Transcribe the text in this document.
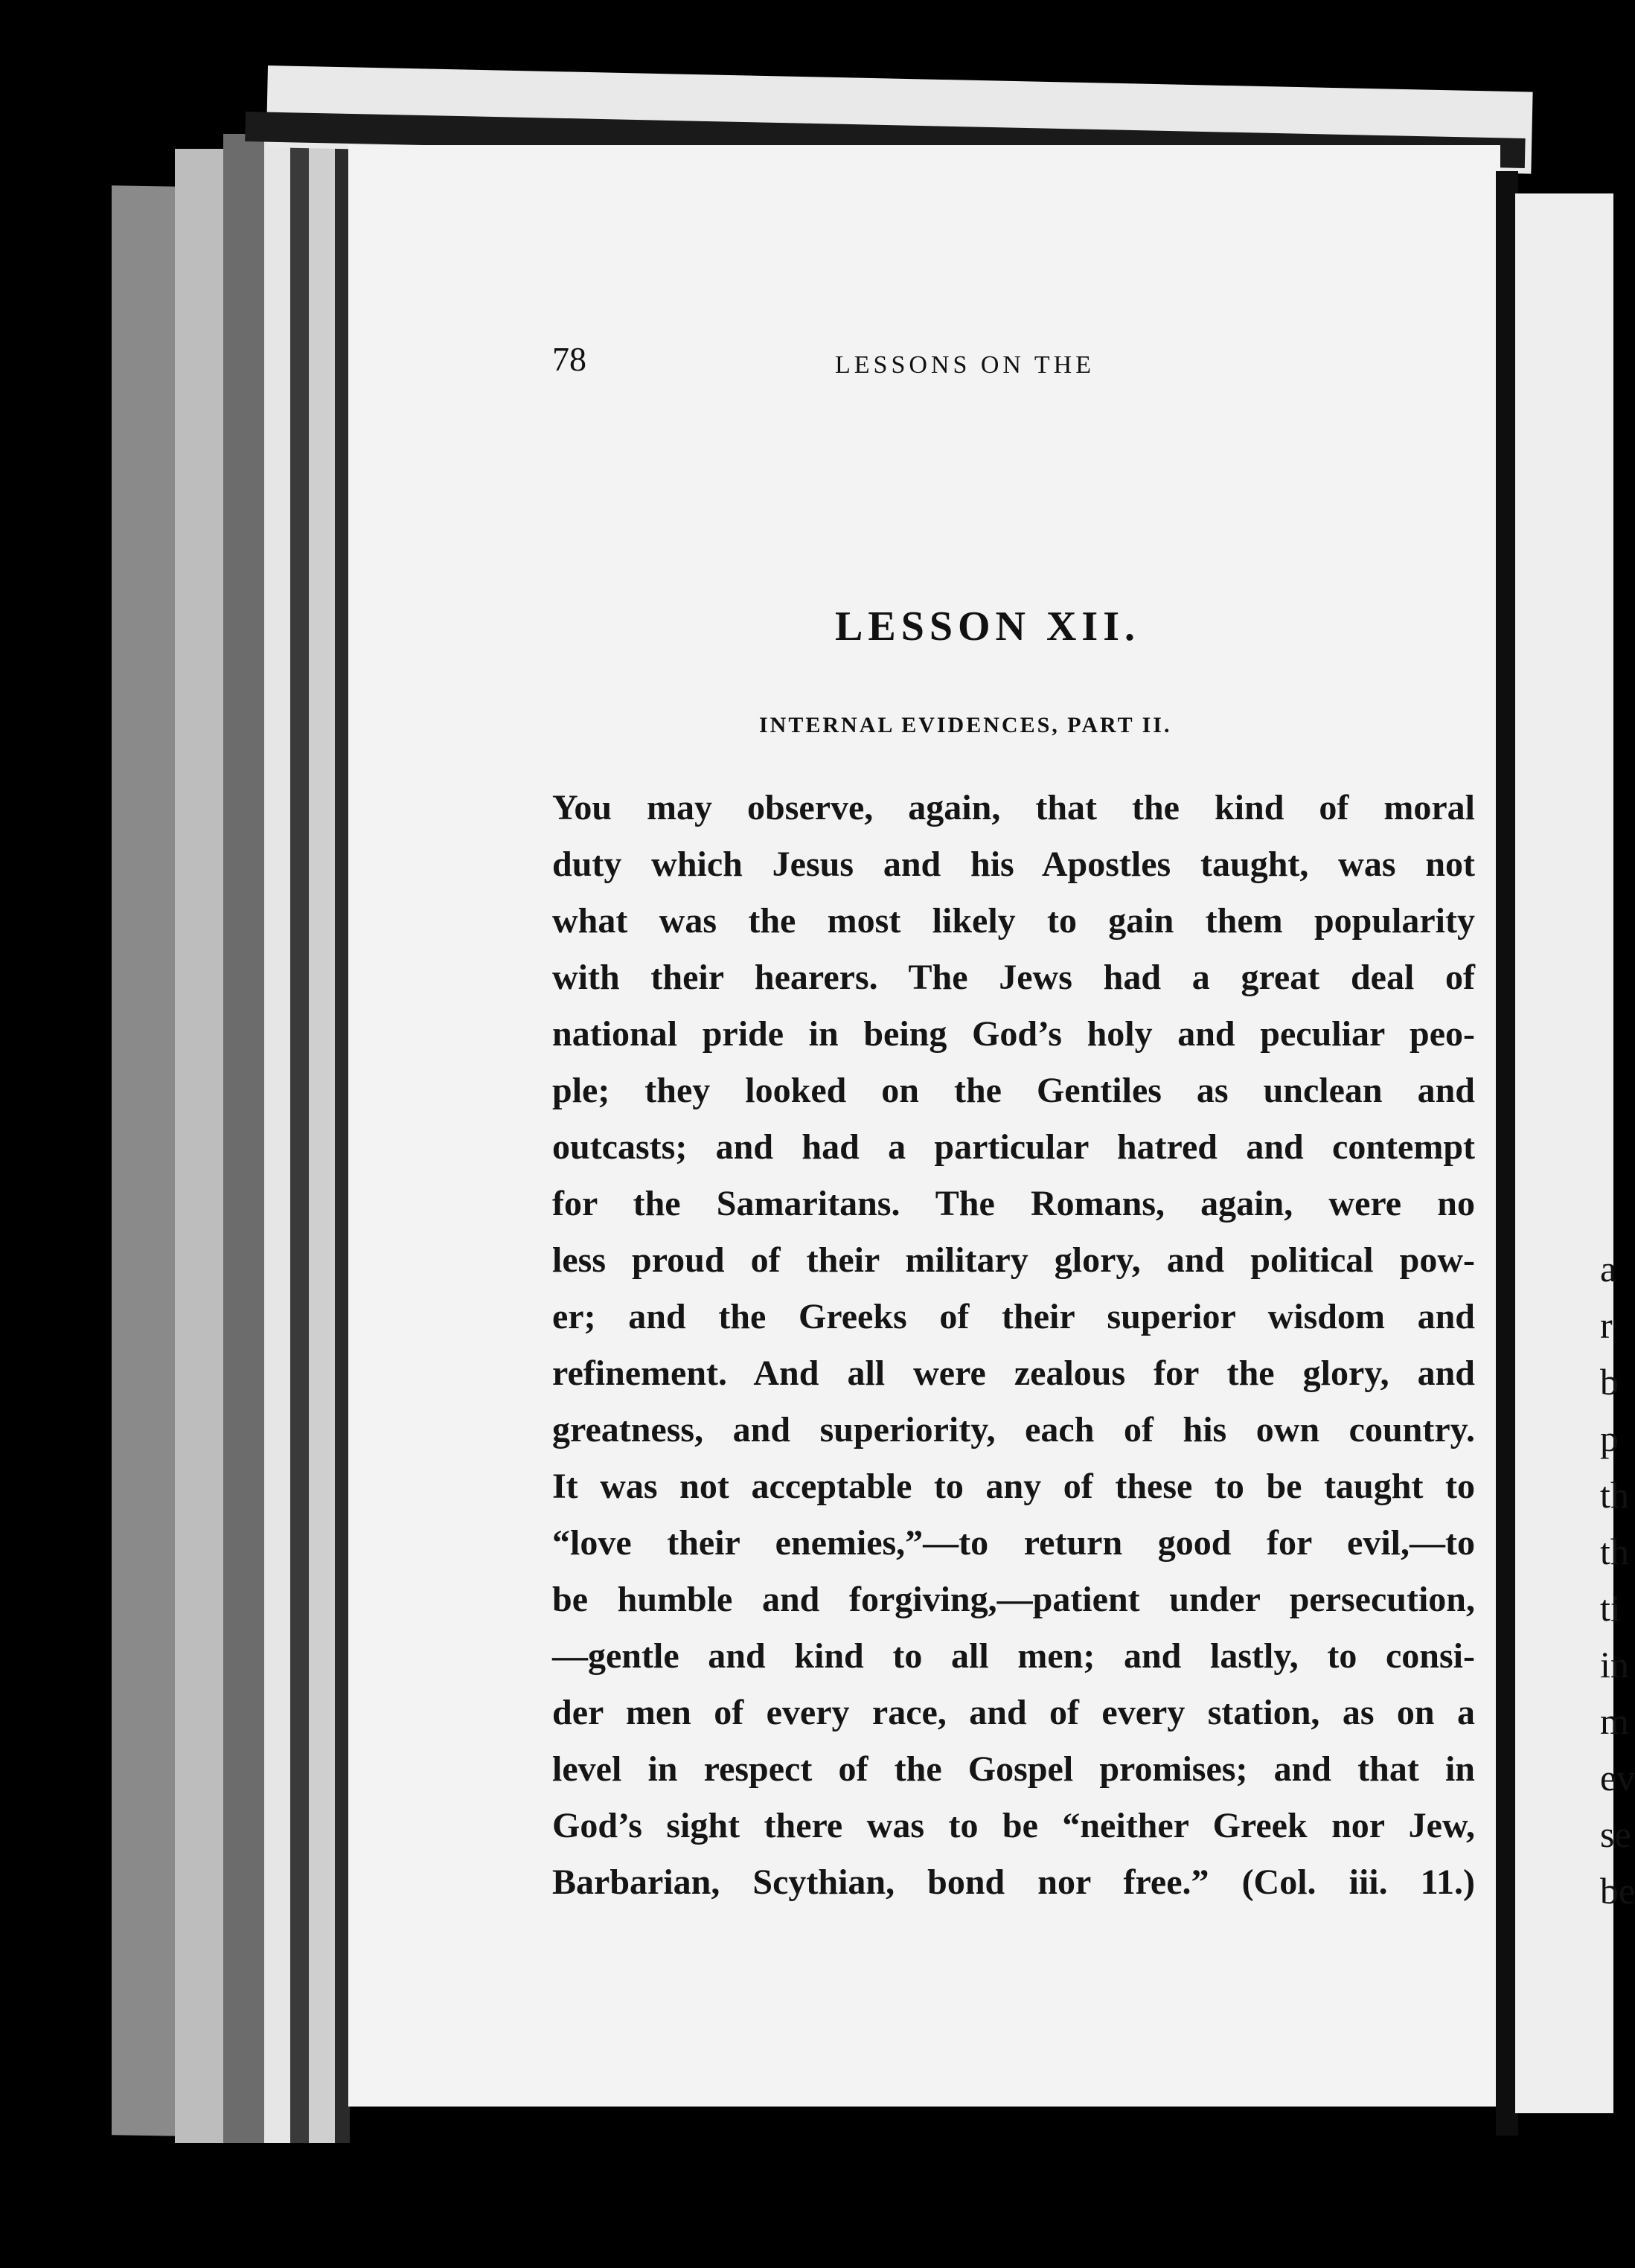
78	LESSONS ON THE
LESSON XII.
INTERNAL EVIDENCES, PART II.
You may observe, again, that the kind of moral
duty which Jesus and his Apostles taught, was not
what was the most likely to gain them popularity
with their hearers. The Jews had a great deal of
national pride in being God’s holy and peculiar peo-
ple; they looked on the Gentiles as unclean and
outcasts; and had a particular hatred and contempt
for the Samaritans. The Romans, again, were no
less proud of their military glory, and political pow-
er; and the Greeks of their superior wisdom and
refinement. And all were zealous for the glory, and
greatness, and superiority, each of his own country.
It was not acceptable to any of these to be taught to
“love their enemies,”—to return good for evil,—to
be humble and forgiving,—patient under persecution,
—gentle and kind to all men; and lastly, to consi-
der men of every race, and of every station, as on a
level in respect of the Gospel promises; and that in
God’s sight there was to be “neither Greek nor Jew,
Barbarian, Scythian, bond nor free.” (Col. iii. 11.)
a
r
b
p
th
th
ti
in
m
ev
se
be
